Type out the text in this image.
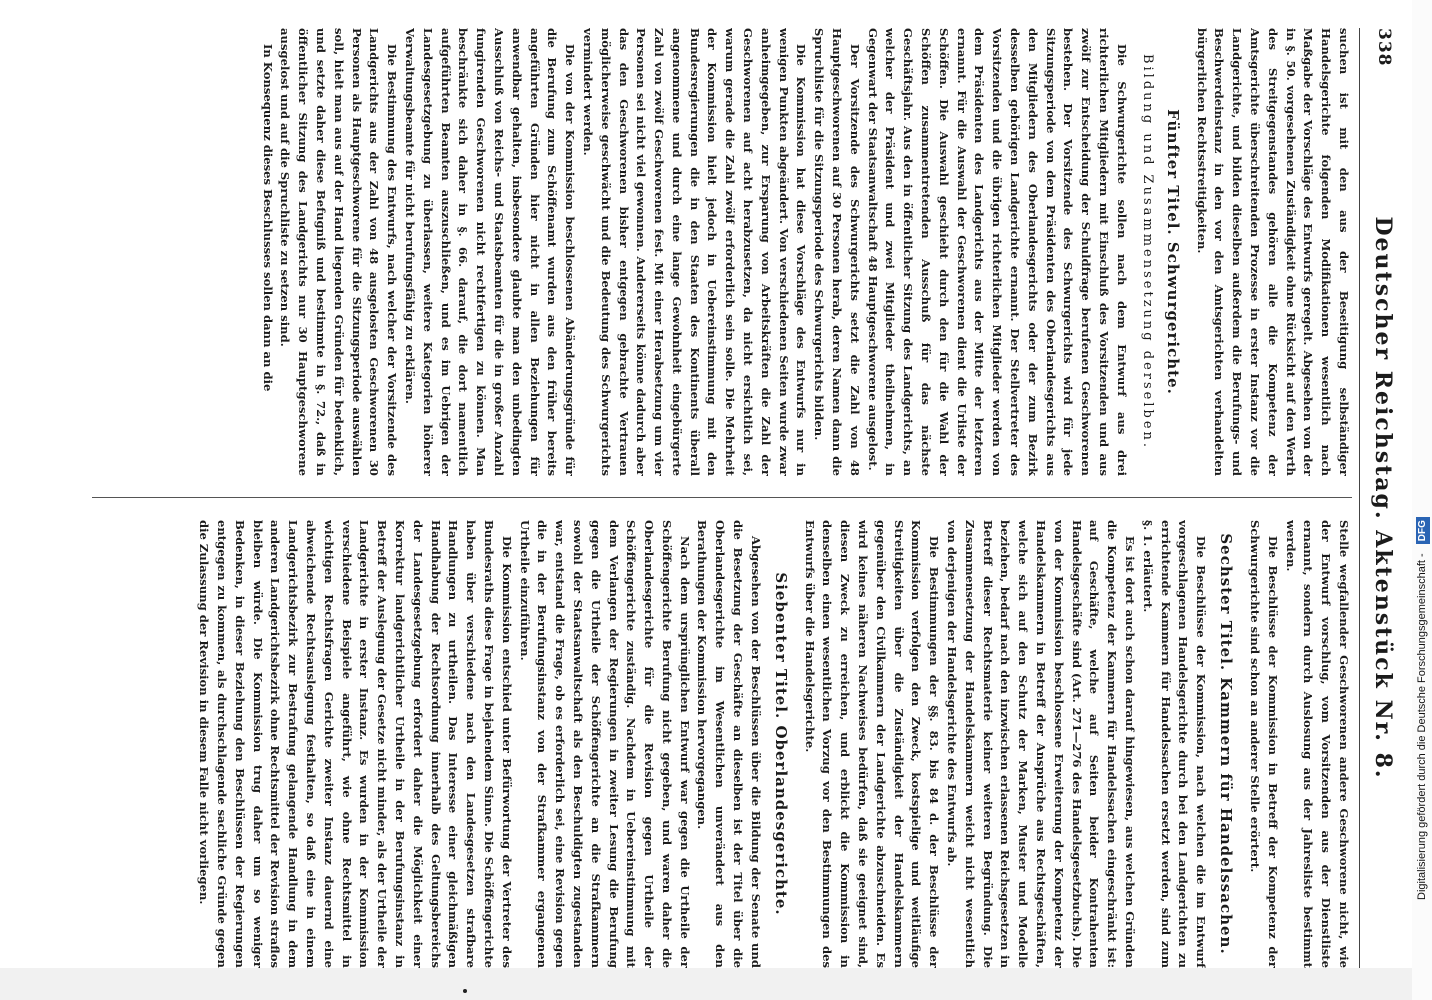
338
Deutscher Reichstag. Aktenstück Nr. 8.

suchen ist mit den aus der Beseitigung selbständiger Handelsgerichte folgenden Modifikationen wesentlich nach Maßgabe der Vorschläge des Entwurfs geregelt. Abgesehen von der in §. 50. vorgesehenen Zuständigkeit ohne Rücksicht auf den Werth des Streitgegenstandes gehören alle die Kompetenz der Amtsgerichte überschreitenden Prozesse in erster Instanz vor die Landgerichte, und bilden dieselben außerdem die Berufungs- und Beschwerdeinstanz in den vor den Amtsgerichten verhandelten bürgerlichen Rechtsstreitigkeiten.

Fünfter Titel. Schwurgerichte.
Bildung und Zusammensetzung derselben.

Die Schwurgerichte sollen nach dem Entwurf aus drei richterlichen Mitgliedern mit Einschluß des Vorsitzenden und aus zwölf zur Entscheidung der Schuldfrage berufenen Geschworenen bestehen. Der Vorsitzende des Schwurgerichts wird für jede Sitzungsperiode von dem Präsidenten des Oberlandesgerichts aus den Mitgliedern des Oberlandesgerichts oder der zum Bezirk desselben gehörigen Landgerichte ernannt. Der Stellvertreter des Vorsitzenden und die übrigen richterlichen Mitglieder werden von dem Präsidenten des Landgerichts aus der Mitte der letzteren ernannt. Für die Auswahl der Geschworenen dient die Urliste der Schöffen. Die Auswahl geschieht durch den für die Wahl der Schöffen zusammentretenden Ausschuß für das nächste Geschäftsjahr. Aus den in öffentlicher Sitzung des Landgerichts, an welcher der Präsident und zwei Mitglieder theilnehmen, in Gegenwart der Staatsanwaltschaft 48 Hauptgeschworene ausgelost.

Der Vorsitzende des Schwurgerichts setzt die Zahl von 48 Hauptgeschworenen auf 30 Personen herab, deren Namen dann die Spruchliste für die Sitzungsperiode des Schwurgerichts bilden.

Die Kommission hat diese Vorschläge des Entwurfs nur in wenigen Punkten abgeändert. Von verschiedenen Seiten wurde zwar anheimgegeben, zur Ersparung von Arbeitskräften die Zahl der Geschworenen auf acht herabzusetzen, da nicht ersichtlich sei, warum gerade die Zahl zwölf erforderlich sein solle. Die Mehrheit der Kommission hielt jedoch in Uebereinstimmung mit den Bundesregierungen die in den Staaten des Kontinents überall angenommene und durch eine lange Gewohnheit eingebürgerte Zahl von zwölf Geschworenen fest. Mit einer Herabsetzung um vier Personen sei nicht viel gewonnen. Andererseits könne dadurch aber das den Geschworenen bisher entgegen gebrachte Vertrauen möglicherweise geschwächt und die Bedeutung des Schwurgerichts vermindert werden.

Die von der Kommission beschlossenen Abänderungsgründe für die Berufung zum Schöffenamt wurden aus den früher bereits angeführten Gründen hier nicht in allen Beziehungen für anwendbar gehalten, insbesondere glaubte man den unbedingten Ausschluß von Reichs- und Staatsbeamten für die in großer Anzahl fungirenden Geschworenen nicht rechtfertigen zu können. Man beschränkte sich daher in §. 66. darauf, die dort namentlich aufgeführten Beamten auszuschließen, und es im Uebrigen der Landesgesetzgebung zu überlassen, weitere Kategorien höherer Verwaltungsbeamte für nicht berufungsfähig zu erklären.

Die Bestimmung des Entwurfs, nach welcher der Vorsitzende des Landgerichts aus der Zahl von 48 ausgelosten Geschworenen 30 Personen als Hauptgeschworene für die Sitzungsperiode auswählen soll, hielt man aus auf der Hand liegenden Gründen für bedenklich, und setzte daher diese Befugniß und bestimmte in §. 72., daß in öffentlicher Sitzung des Landgerichts nur 30 Hauptgeschworene ausgelost und auf die Spruchliste zu setzen sind.

In Konsequenz dieses Beschlusses sollen dann an die

Stelle wegfallender Geschworenen andere Geschworene nicht, wie der Entwurf vorschlug, vom Vorsitzenden aus der Dienstliste ernannt, sondern durch Auslosung aus der Jahresliste bestimmt werden.

Die Beschlüsse der Kommission in Betreff der Kompetenz der Schwurgerichte sind schon an anderer Stelle erörtert.

Sechster Titel. Kammern für Handelssachen.

Die Beschlüsse der Kommission, nach welchen die im Entwurf vorgeschlagenen Handelsgerichte durch bei den Landgerichten zu errichtende Kammern für Handelssachen ersetzt werden, sind zum §. 1. erläutert.

Es ist dort auch schon darauf hingewiesen, aus welchen Gründen die Kompetenz der Kammern für Handelssachen eingeschränkt ist: auf Geschäfte, welche auf Seiten beider Kontrahenten Handelsgeschäfte sind (Art. 271—276 des Handelsgesetzbuchs). Die von der Kommission beschlossene Erweiterung der Kompetenz der Handelskammern in Betreff der Ansprüche aus Rechtsgeschäften, welche sich auf den Schutz der Marken, Muster und Modelle beziehen, bedarf nach den inzwischen erlassenen Reichsgesetzen in Betreff dieser Rechtsmaterie keiner weiteren Begründung. Die Zusammensetzung der Handelskammern weicht nicht wesentlich von derjenigen der Handelsgerichte des Entwurfs ab.

Die Bestimmungen der §§. 83. bis 84 d. der Beschlüsse der Kommission verfolgen den Zweck, kostspielige und weitläufige Streitigkeiten über die Zuständigkeit der Handelskammern gegenüber den Civilkammern der Landgerichte abzuschneiden. Es wird keines näheren Nachweises bedürfen, daß sie geeignet sind, diesen Zweck zu erreichen, und erblickt die Kommission in denselben einen wesentlichen Vorzug vor den Bestimmungen des Entwurfs über die Handelsgerichte.

Siebenter Titel. Oberlandesgerichte.

Abgesehen von der Beschlüssen über die Bildung der Senate und die Besetzung der Geschäfte an dieselben ist der Titel über die Oberlandesgerichte im Wesentlichen unverändert aus den Berathungen der Kommission hervorgegangen.

Nach dem ursprünglichen Entwurf war gegen die Urtheile der Schöffengerichte Berufung nicht gegeben, und waren daher die Oberlandesgerichte für die Revision gegen Urtheile der Schöffengerichte zuständig. Nachdem in Uebereinstimmung mit dem Verlangen der Regierungen in zweiter Lesung die Berufung gegen die Urtheile der Schöffengerichte an die Strafkammern sowohl der Staatsanwaltschaft als den Beschuldigten zugestanden war, entstand die Frage, ob es erforderlich sei, eine Revision gegen die in der Berufungsinstanz von der Strafkammer ergangenen Urtheile einzuführen.

Die Kommission entschied unter Befürwortung der Vertreter des Bundesraths diese Frage in bejahendem Sinne. Die Schöffengerichte haben über verschiedene nach den Landesgesetzen strafbare Handlungen zu urtheilen. Das Interesse einer gleichmäßigen Handhabung der Rechtsordnung innerhalb des Geltungsbereichs der Landesgesetzgebung erfordert daher die Möglichkeit einer Korrektur landgerichtlicher Urtheile in der Berufungsinstanz in Betreff der Auslegung der Gesetze nicht minder, als der Urtheile der Landgerichte in erster Instanz. Es wurden in der Kommission verschiedene Beispiele angeführt, wie ohne Rechtsmittel in wichtigen Rechtsfragen Gerichte zweiter Instanz dauernd eine abweichende Rechtsauslegung festhalten, so daß eine in einem Landgerichtsbezirk zur Bestrafung gelangende Handlung in dem anderen Landgerichtsbezirk ohne Rechtsmittel der Revision straflos bleiben würde. Die Kommission trug daher um so weniger Bedenken, in dieser Beziehung den Beschlüssen der Regierungen entgegen zu kommen, als durchschlagende sachliche Gründe gegen die Zulassung der Revision in diesem Falle nicht vorliegen.	Digitalisierung gefördert durch die Deutsche Forschungsgemeinschaft - DFG
